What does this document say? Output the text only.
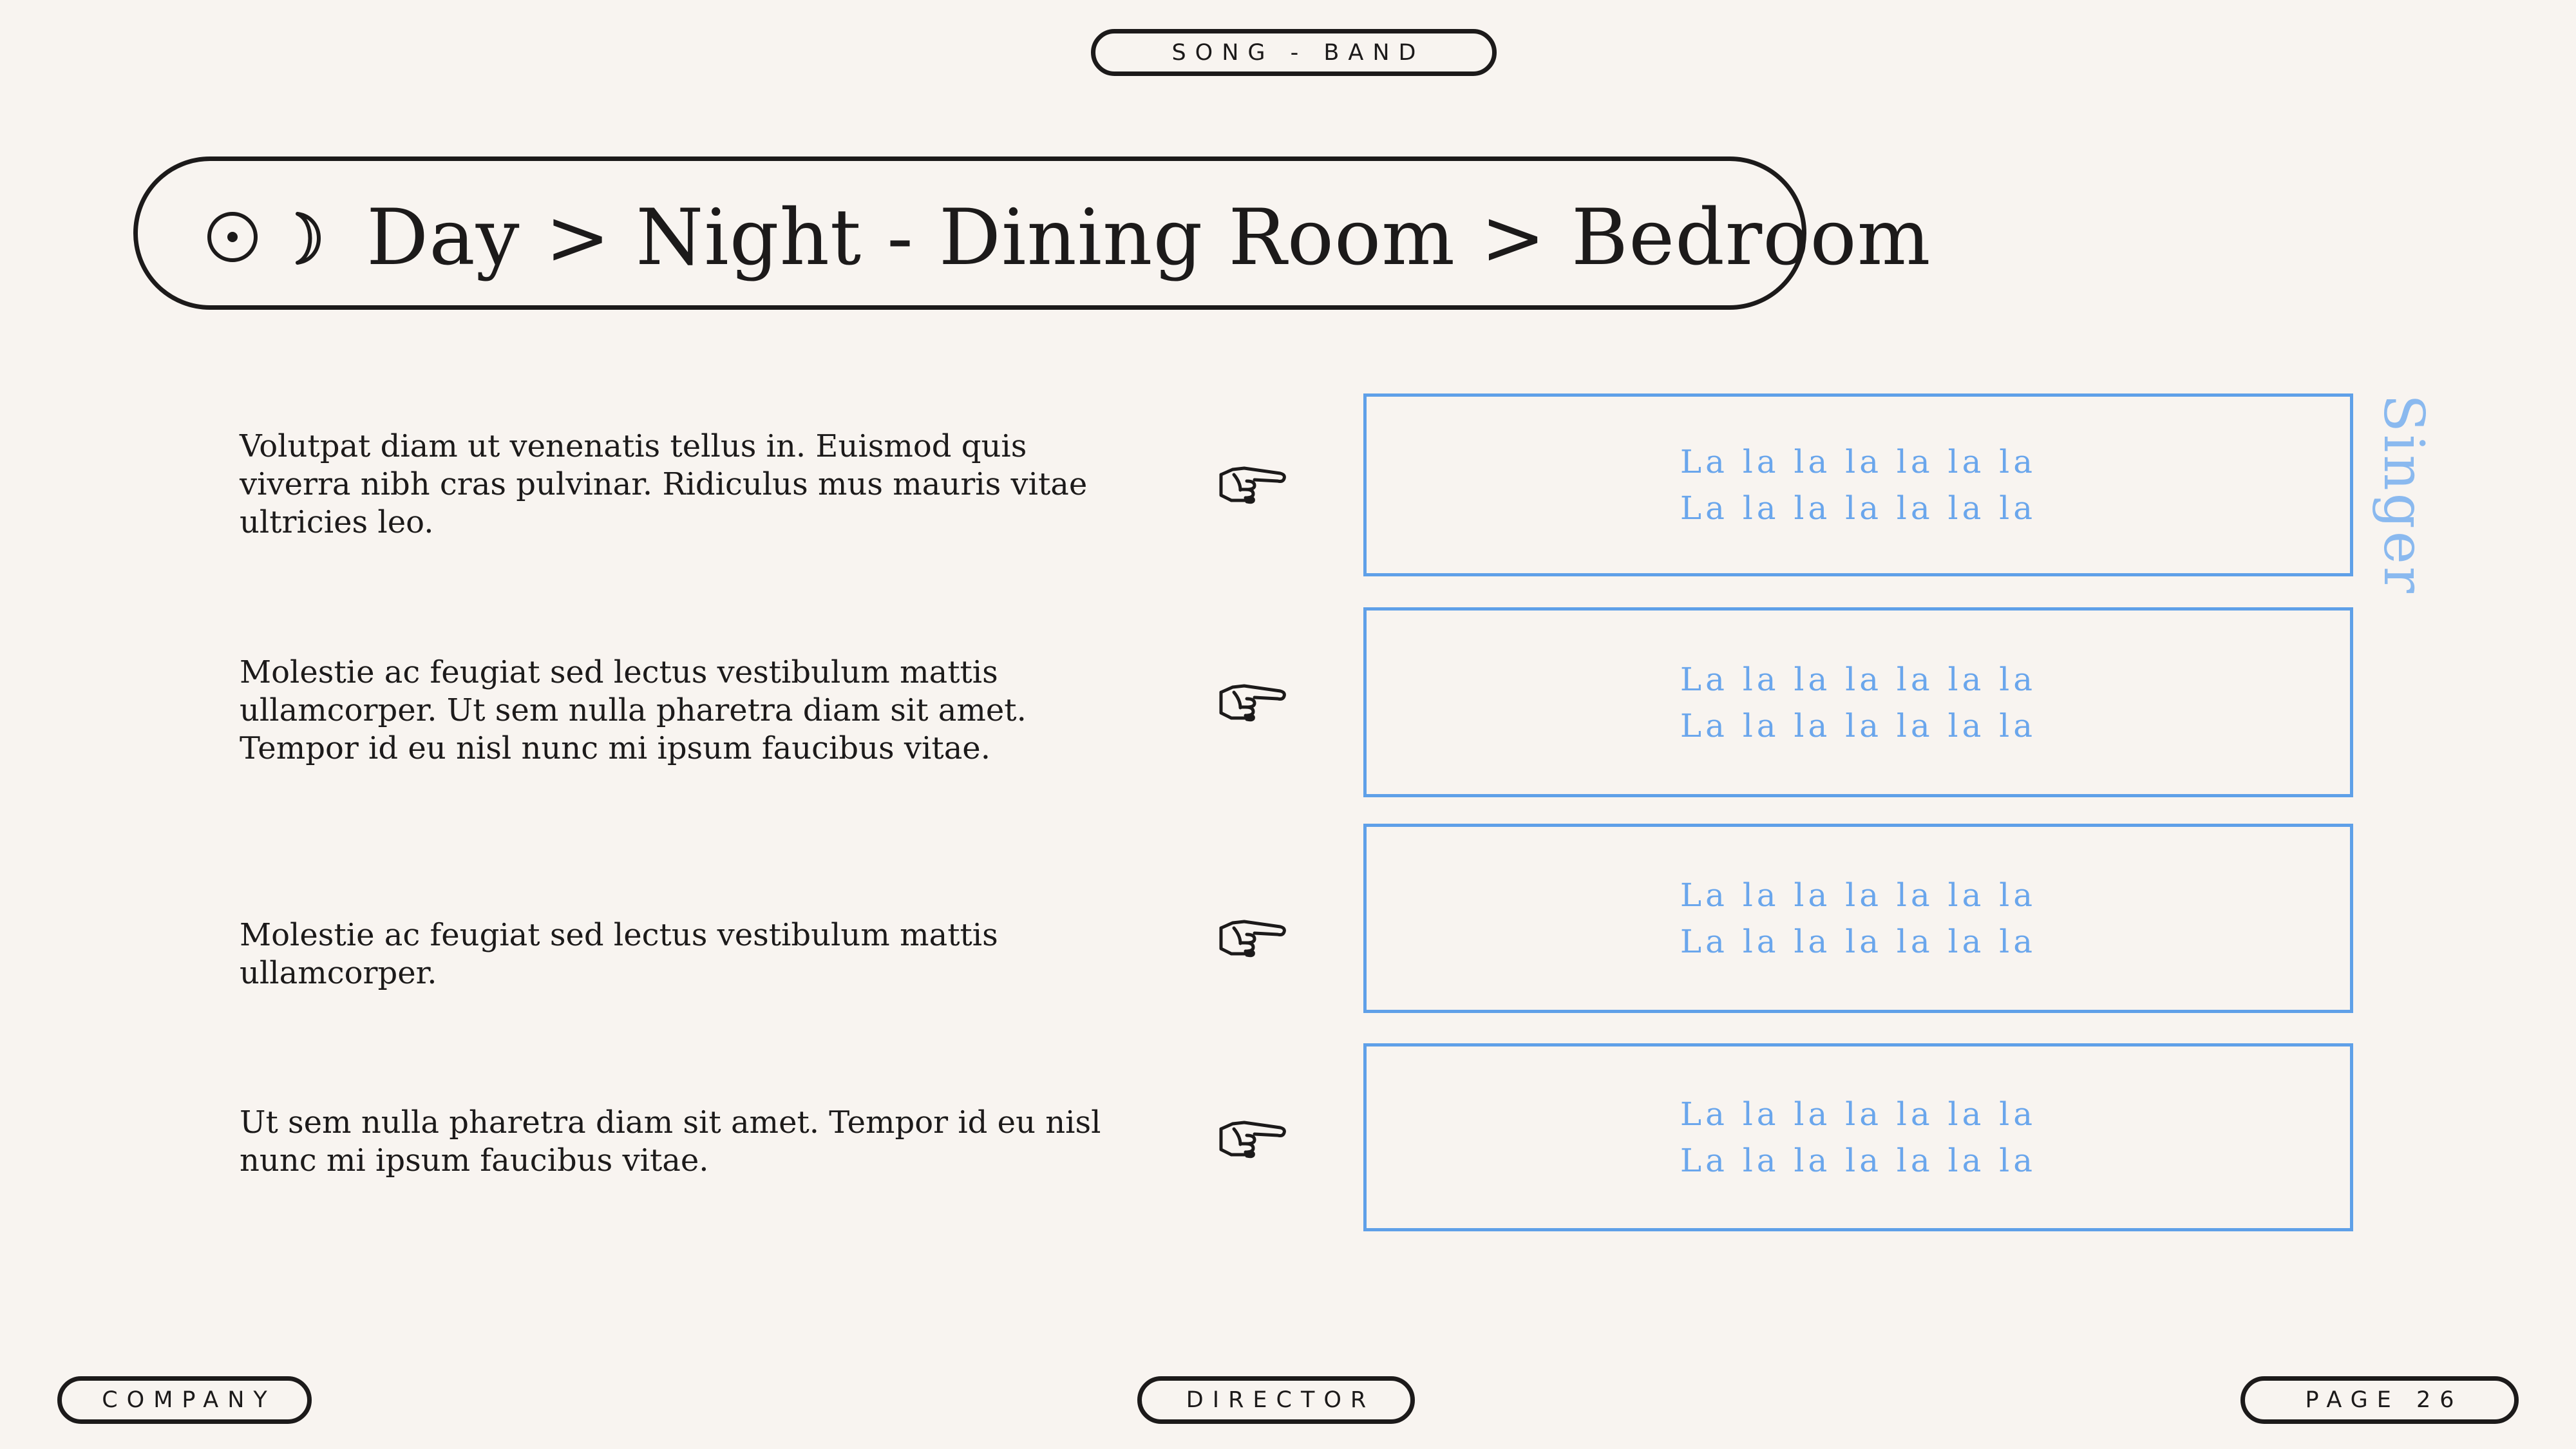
SONG - BAND
Day > Night - Dining Room > Bedroom
Volutpat diam ut venenatis tellus in. Euismod quis viverra nibh cras pulvinar. Ridiculus mus mauris vitae ultricies leo.
La la la la la la la
La la la la la la la
Molestie ac feugiat sed lectus vestibulum mattis ullamcorper. Ut sem nulla pharetra diam sit amet. Tempor id eu nisl nunc mi ipsum faucibus vitae.
La la la la la la la
La la la la la la la
Molestie ac feugiat sed lectus vestibulum mattis ullamcorper.
La la la la la la la
La la la la la la la
Ut sem nulla pharetra diam sit amet. Tempor id eu nisl nunc mi ipsum faucibus vitae.
La la la la la la la
La la la la la la la
Singer
COMPANY	DIRECTOR	PAGE 26
